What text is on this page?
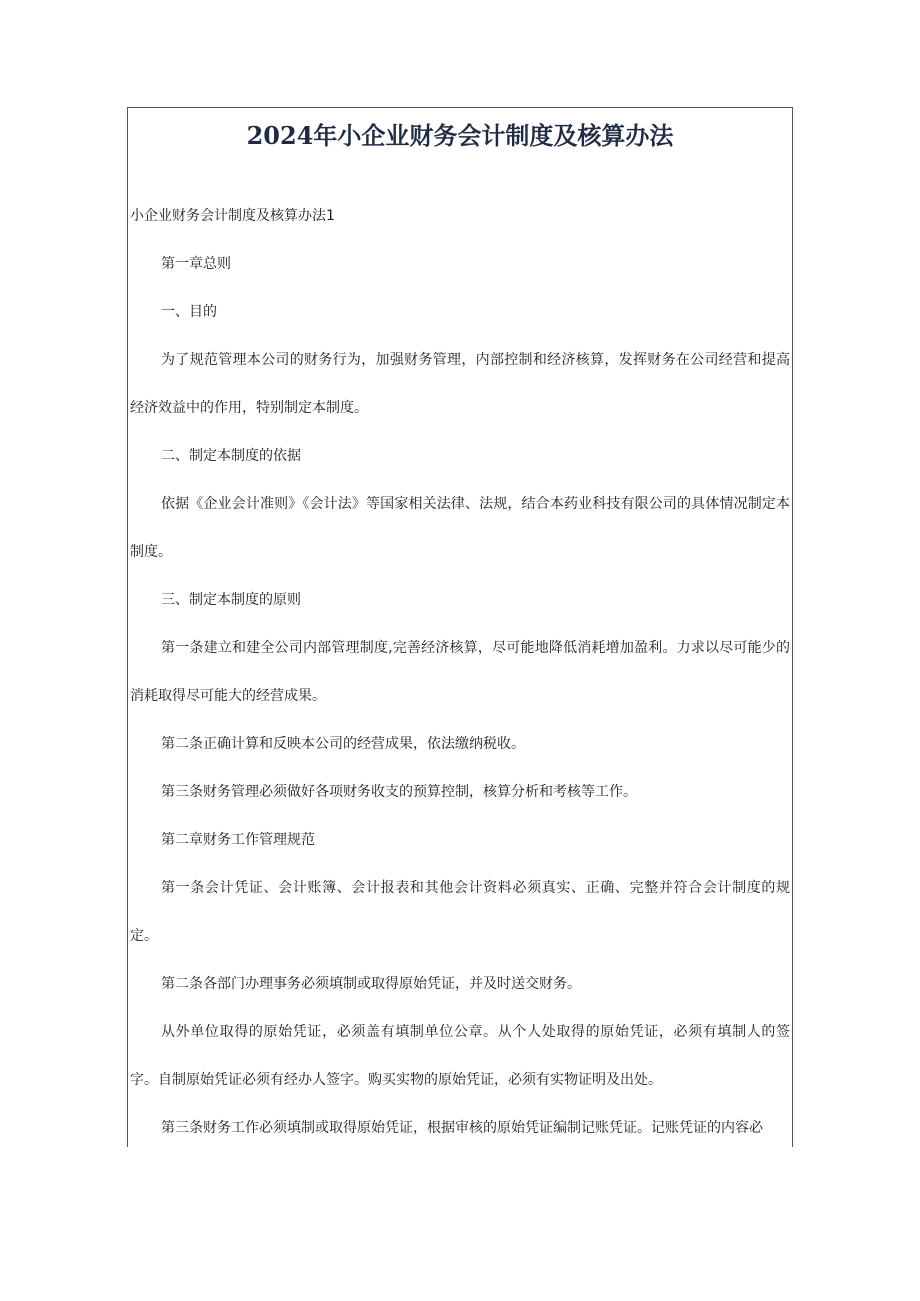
2024年小企业财务会计制度及核算办法

小企业财务会计制度及核算办法1

第一章总则

一、目的

为了规范管理本公司的财务行为，加强财务管理，内部控制和经济核算，发挥财务在公司经营和提高经济效益中的作用，特别制定本制度。

二、制定本制度的依据

依据《企业会计准则》《会计法》等国家相关法律、法规，结合本药业科技有限公司的具体情况制定本制度。

三、制定本制度的原则

第一条建立和建全公司内部管理制度,完善经济核算，尽可能地降低消耗增加盈利。力求以尽可能少的消耗取得尽可能大的经营成果。

第二条正确计算和反映本公司的经营成果，依法缴纳税收。

第三条财务管理必须做好各项财务收支的预算控制，核算分析和考核等工作。

第二章财务工作管理规范

第一条会计凭证、会计账簿、会计报表和其他会计资料必须真实、正确、完整并符合会计制度的规定。

第二条各部门办理事务必须填制或取得原始凭证，并及时送交财务。

从外单位取得的原始凭证，必须盖有填制单位公章。从个人处取得的原始凭证，必须有填制人的签字。自制原始凭证必须有经办人签字。购买实物的原始凭证，必须有实物证明及出处。

第三条财务工作必须填制或取得原始凭证，根据审核的原始凭证编制记账凭证。记账凭证的内容必
